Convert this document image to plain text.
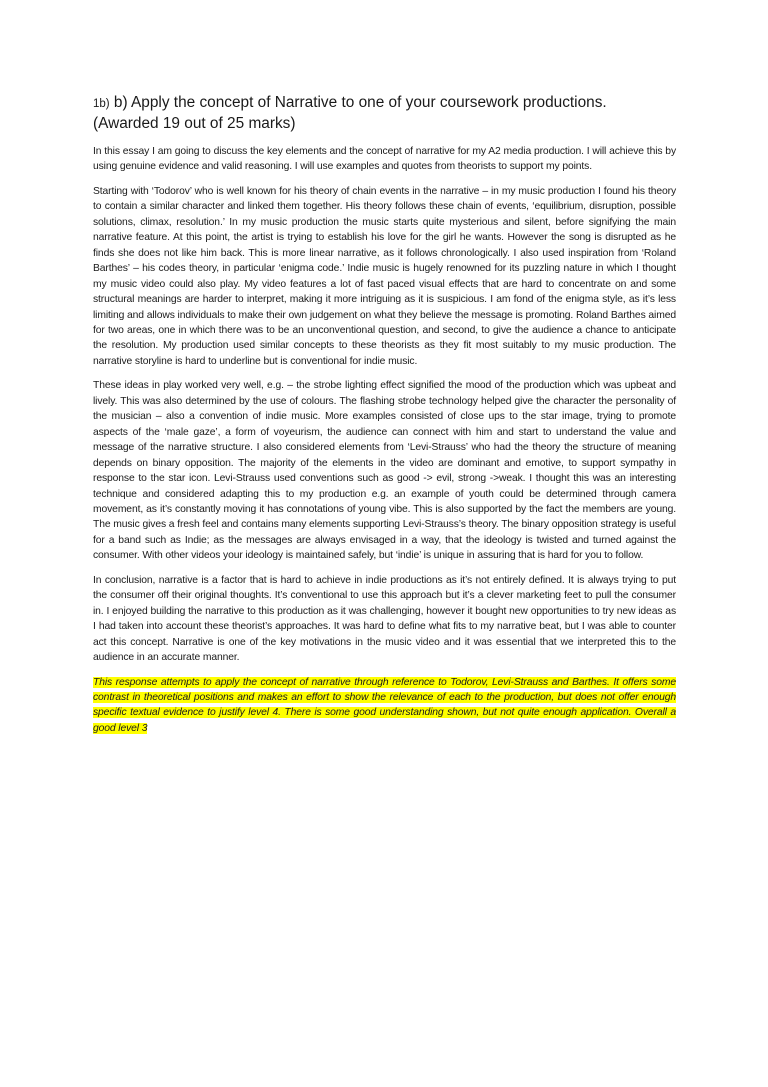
1b) b) Apply the concept of Narrative to one of your coursework productions.
(Awarded 19 out of 25 marks)

In this essay I am going to discuss the key elements and the concept of narrative for my A2 media production. I will achieve this by using genuine evidence and valid reasoning. I will use examples and quotes from theorists to support my points.

Starting with ‘Todorov’ who is well known for his theory of chain events in the narrative – in my music production I found his theory to contain a similar character and linked them together. His theory follows these chain of events, ‘equilibrium, disruption, possible solutions, climax, resolution.’ In my music production the music starts quite mysterious and silent, before signifying the main narrative feature. At this point, the artist is trying to establish his love for the girl he wants. However the song is disrupted as he finds she does not like him back. This is more linear narrative, as it follows chronologically. I also used inspiration from ‘Roland Barthes’ – his codes theory, in particular ‘enigma code.’ Indie music is hugely renowned for its puzzling nature in which I thought my music video could also play. My video features a lot of fast paced visual effects that are hard to concentrate on and some structural meanings are harder to interpret, making it more intriguing as it is suspicious. I am fond of the enigma style, as it’s less limiting and allows individuals to make their own judgement on what they believe the message is promoting. Roland Barthes aimed for two areas, one in which there was to be an unconventional question, and second, to give the audience a chance to anticipate the resolution. My production used similar concepts to these theorists as they fit most suitably to my music production. The narrative storyline is hard to underline but is conventional for indie music.

These ideas in play worked very well, e.g. – the strobe lighting effect signified the mood of the production which was upbeat and lively. This was also determined by the use of colours. The flashing strobe technology helped give the character the personality of the musician – also a convention of indie music. More examples consisted of close ups to the star image, trying to promote aspects of the ‘male gaze’, a form of voyeurism, the audience can connect with him and start to understand the value and message of the narrative structure. I also considered elements from ‘Levi-Strauss’ who had the theory the structure of meaning depends on binary opposition. The majority of the elements in the video are dominant and emotive, to support sympathy in response to the star icon. Levi-Strauss used conventions such as good -> evil, strong ->weak. I thought this was an interesting technique and considered adapting this to my production e.g. an example of youth could be determined through camera movement, as it’s constantly moving it has connotations of young vibe. This is also supported by the fact the members are young. The music gives a fresh feel and contains many elements supporting Levi-Strauss’s theory. The binary opposition strategy is useful for a band such as Indie; as the messages are always envisaged in a way, that the ideology is twisted and turned against the consumer. With other videos your ideology is maintained safely, but ‘indie’ is unique in assuring that is hard for you to follow.

In conclusion, narrative is a factor that is hard to achieve in indie productions as it’s not entirely defined. It is always trying to put the consumer off their original thoughts. It’s conventional to use this approach but it’s a clever marketing feet to pull the consumer in. I enjoyed building the narrative to this production as it was challenging, however it bought new opportunities to try new ideas as I had taken into account these theorist’s approaches. It was hard to define what fits to my narrative beat, but I was able to counter act this concept. Narrative is one of the key motivations in the music video and it was essential that we interpreted this to the audience in an accurate manner.

This response attempts to apply the concept of narrative through reference to Todorov, Levi-Strauss and Barthes. It offers some contrast in theoretical positions and makes an effort to show the relevance of each to the production, but does not offer enough specific textual evidence to justify level 4. There is some good understanding shown, but not quite enough application. Overall a good level 3
